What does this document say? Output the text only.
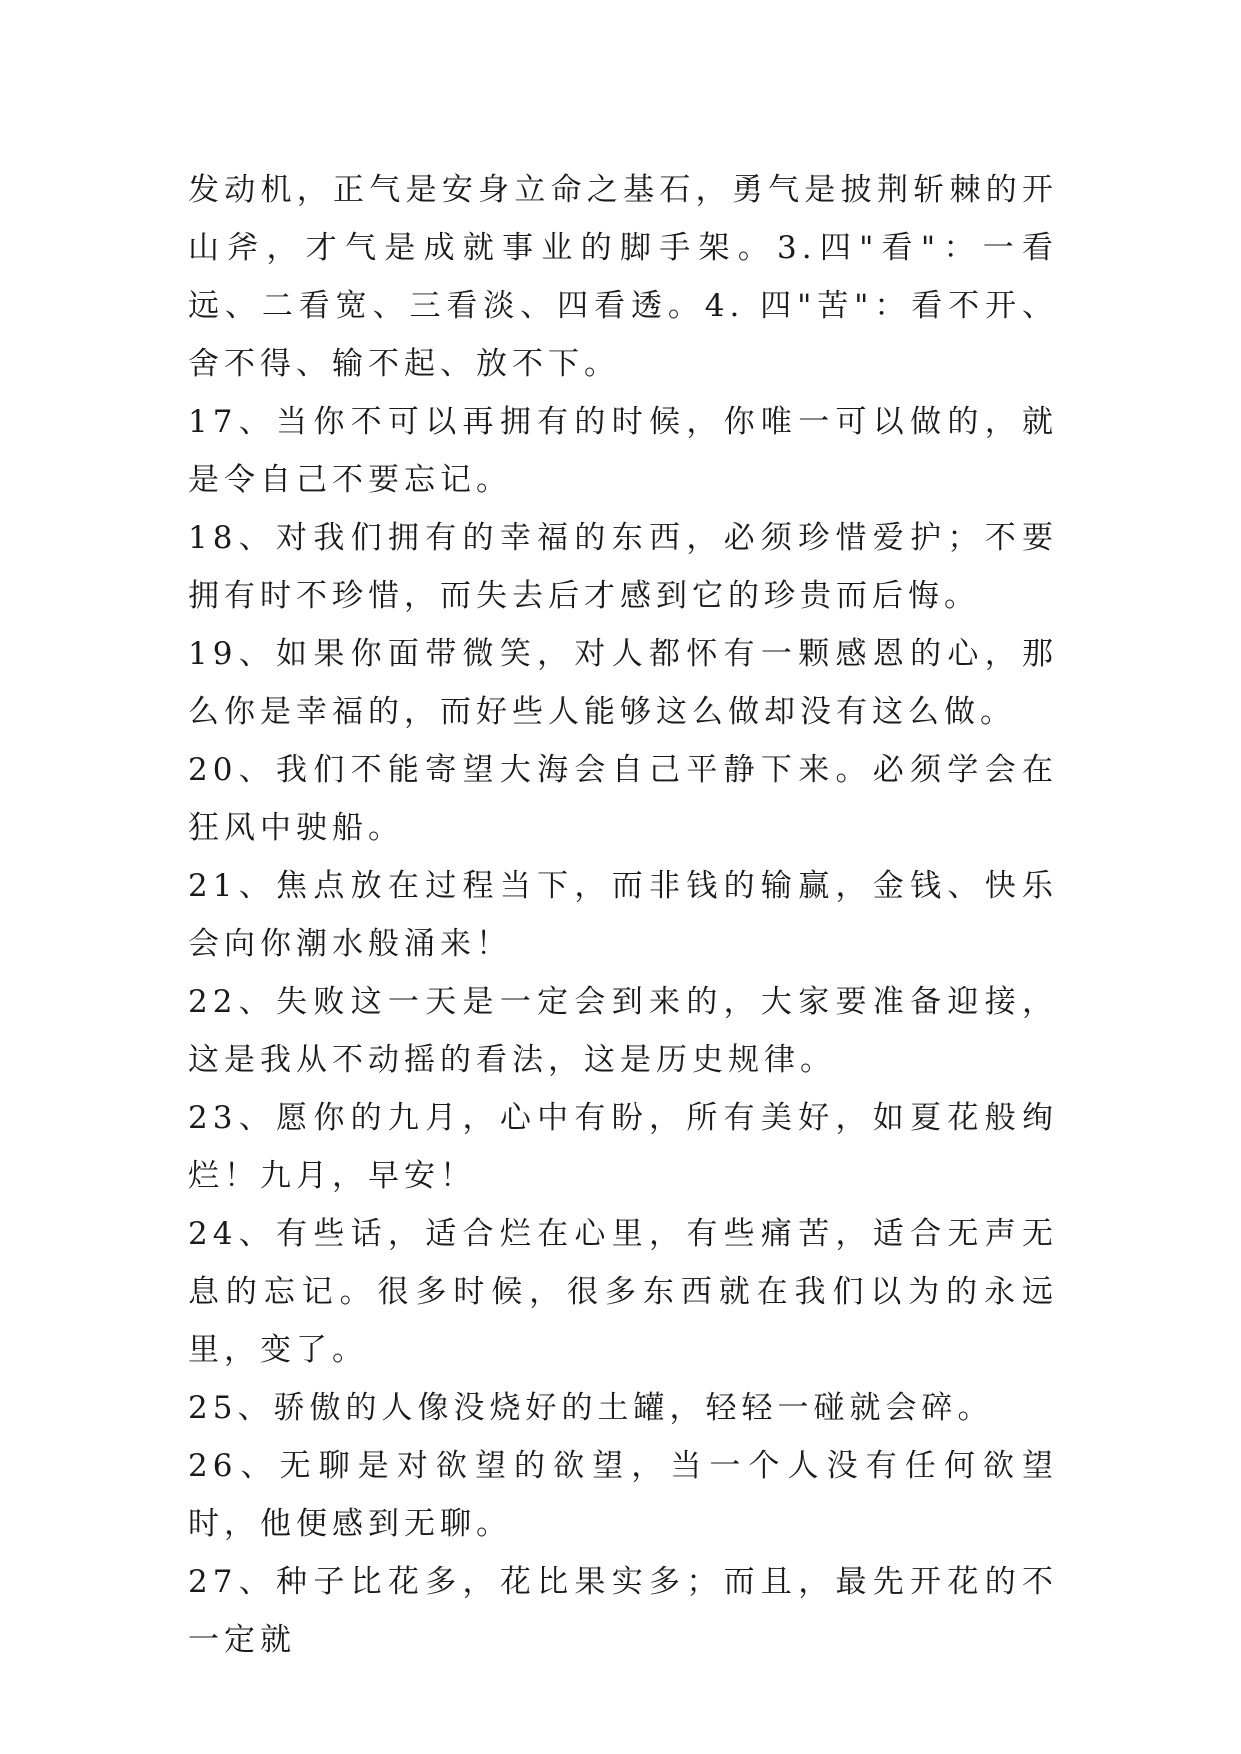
发动机，正气是安身立命之基石，勇气是披荆斩棘的开山斧，才气是成就事业的脚手架。3.四"看"：一看远、二看宽、三看淡、四看透。4. 四"苦"：看不开、舍不得、输不起、放不下。

17、当你不可以再拥有的时候，你唯一可以做的，就是令自己不要忘记。

18、对我们拥有的幸福的东西，必须珍惜爱护；不要拥有时不珍惜，而失去后才感到它的珍贵而后悔。

19、如果你面带微笑，对人都怀有一颗感恩的心，那么你是幸福的，而好些人能够这么做却没有这么做。

20、我们不能寄望大海会自己平静下来。必须学会在狂风中驶船。

21、焦点放在过程当下，而非钱的输赢，金钱、快乐会向你潮水般涌来！

22、失败这一天是一定会到来的，大家要准备迎接，这是我从不动摇的看法，这是历史规律。

23、愿你的九月，心中有盼，所有美好，如夏花般绚烂！九月，早安！

24、有些话，适合烂在心里，有些痛苦，适合无声无息的忘记。很多时候，很多东西就在我们以为的永远里，变了。

25、骄傲的人像没烧好的土罐，轻轻一碰就会碎。

26、无聊是对欲望的欲望，当一个人没有任何欲望时，他便感到无聊。

27、种子比花多，花比果实多；而且，最先开花的不一定就
